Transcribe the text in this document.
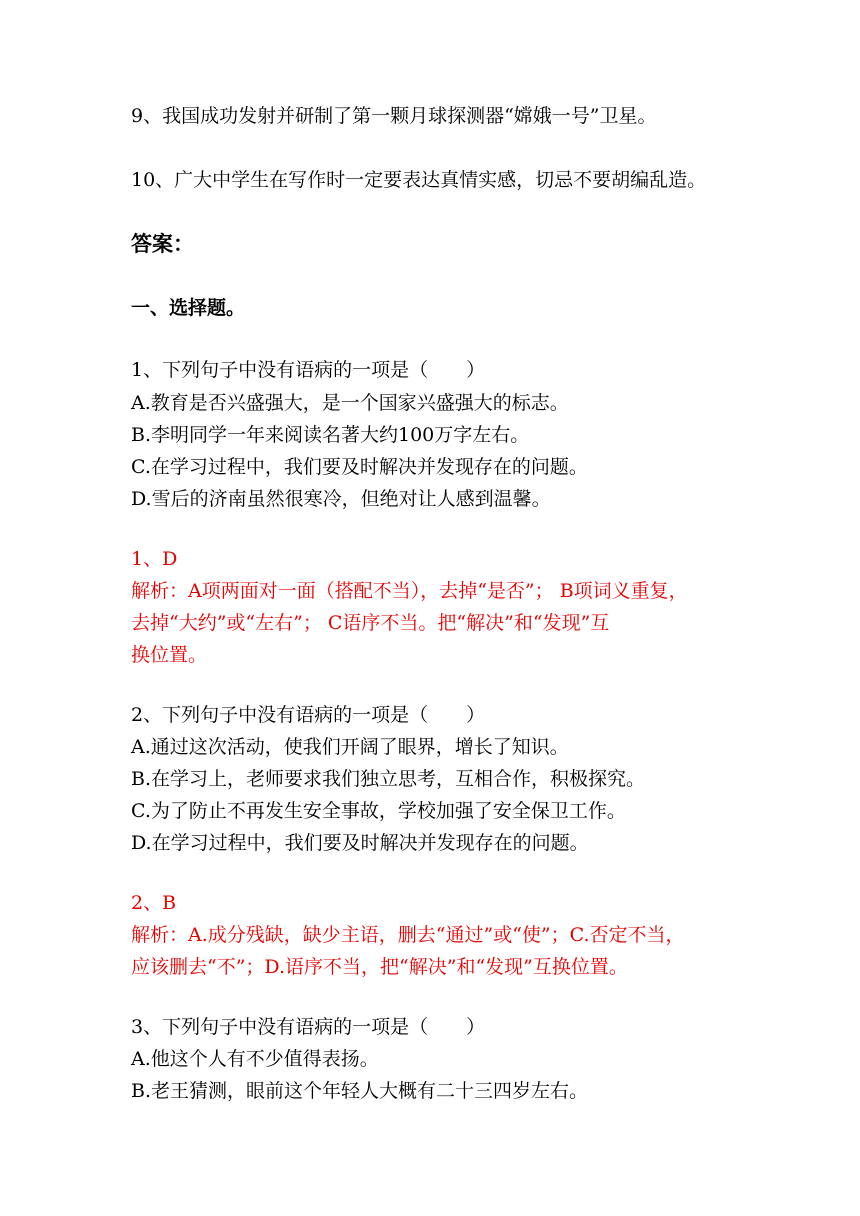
9、我国成功发射并研制了第一颗月球探测器“嫦娥一号”卫星。
10、广大中学生在写作时一定要表达真情实感，切忌不要胡编乱造。
答案：
一、选择题。
1、下列句子中没有语病的一项是（　　）
A.教育是否兴盛强大，是一个国家兴盛强大的标志。
B.李明同学一年来阅读名著大约100万字左右。
C.在学习过程中，我们要及时解决并发现存在的问题。
D.雪后的济南虽然很寒冷，但绝对让人感到温馨。
1、D
解析：A项两面对一面（搭配不当），去掉“是否”； B项词义重复，
去掉“大约”或“左右”； C语序不当。把“解决”和“发现”互
换位置。
2、下列句子中没有语病的一项是（　　）
A.通过这次活动，使我们开阔了眼界，增长了知识。
B.在学习上，老师要求我们独立思考，互相合作，积极探究。
C.为了防止不再发生安全事故，学校加强了安全保卫工作。
D.在学习过程中，我们要及时解决并发现存在的问题。
2、B
解析：A.成分残缺，缺少主语，删去“通过”或“使”；C.否定不当，
应该删去“不”；D.语序不当，把“解决”和“发现”互换位置。
3、下列句子中没有语病的一项是（　　）
A.他这个人有不少值得表扬。
B.老王猜测，眼前这个年轻人大概有二十三四岁左右。
